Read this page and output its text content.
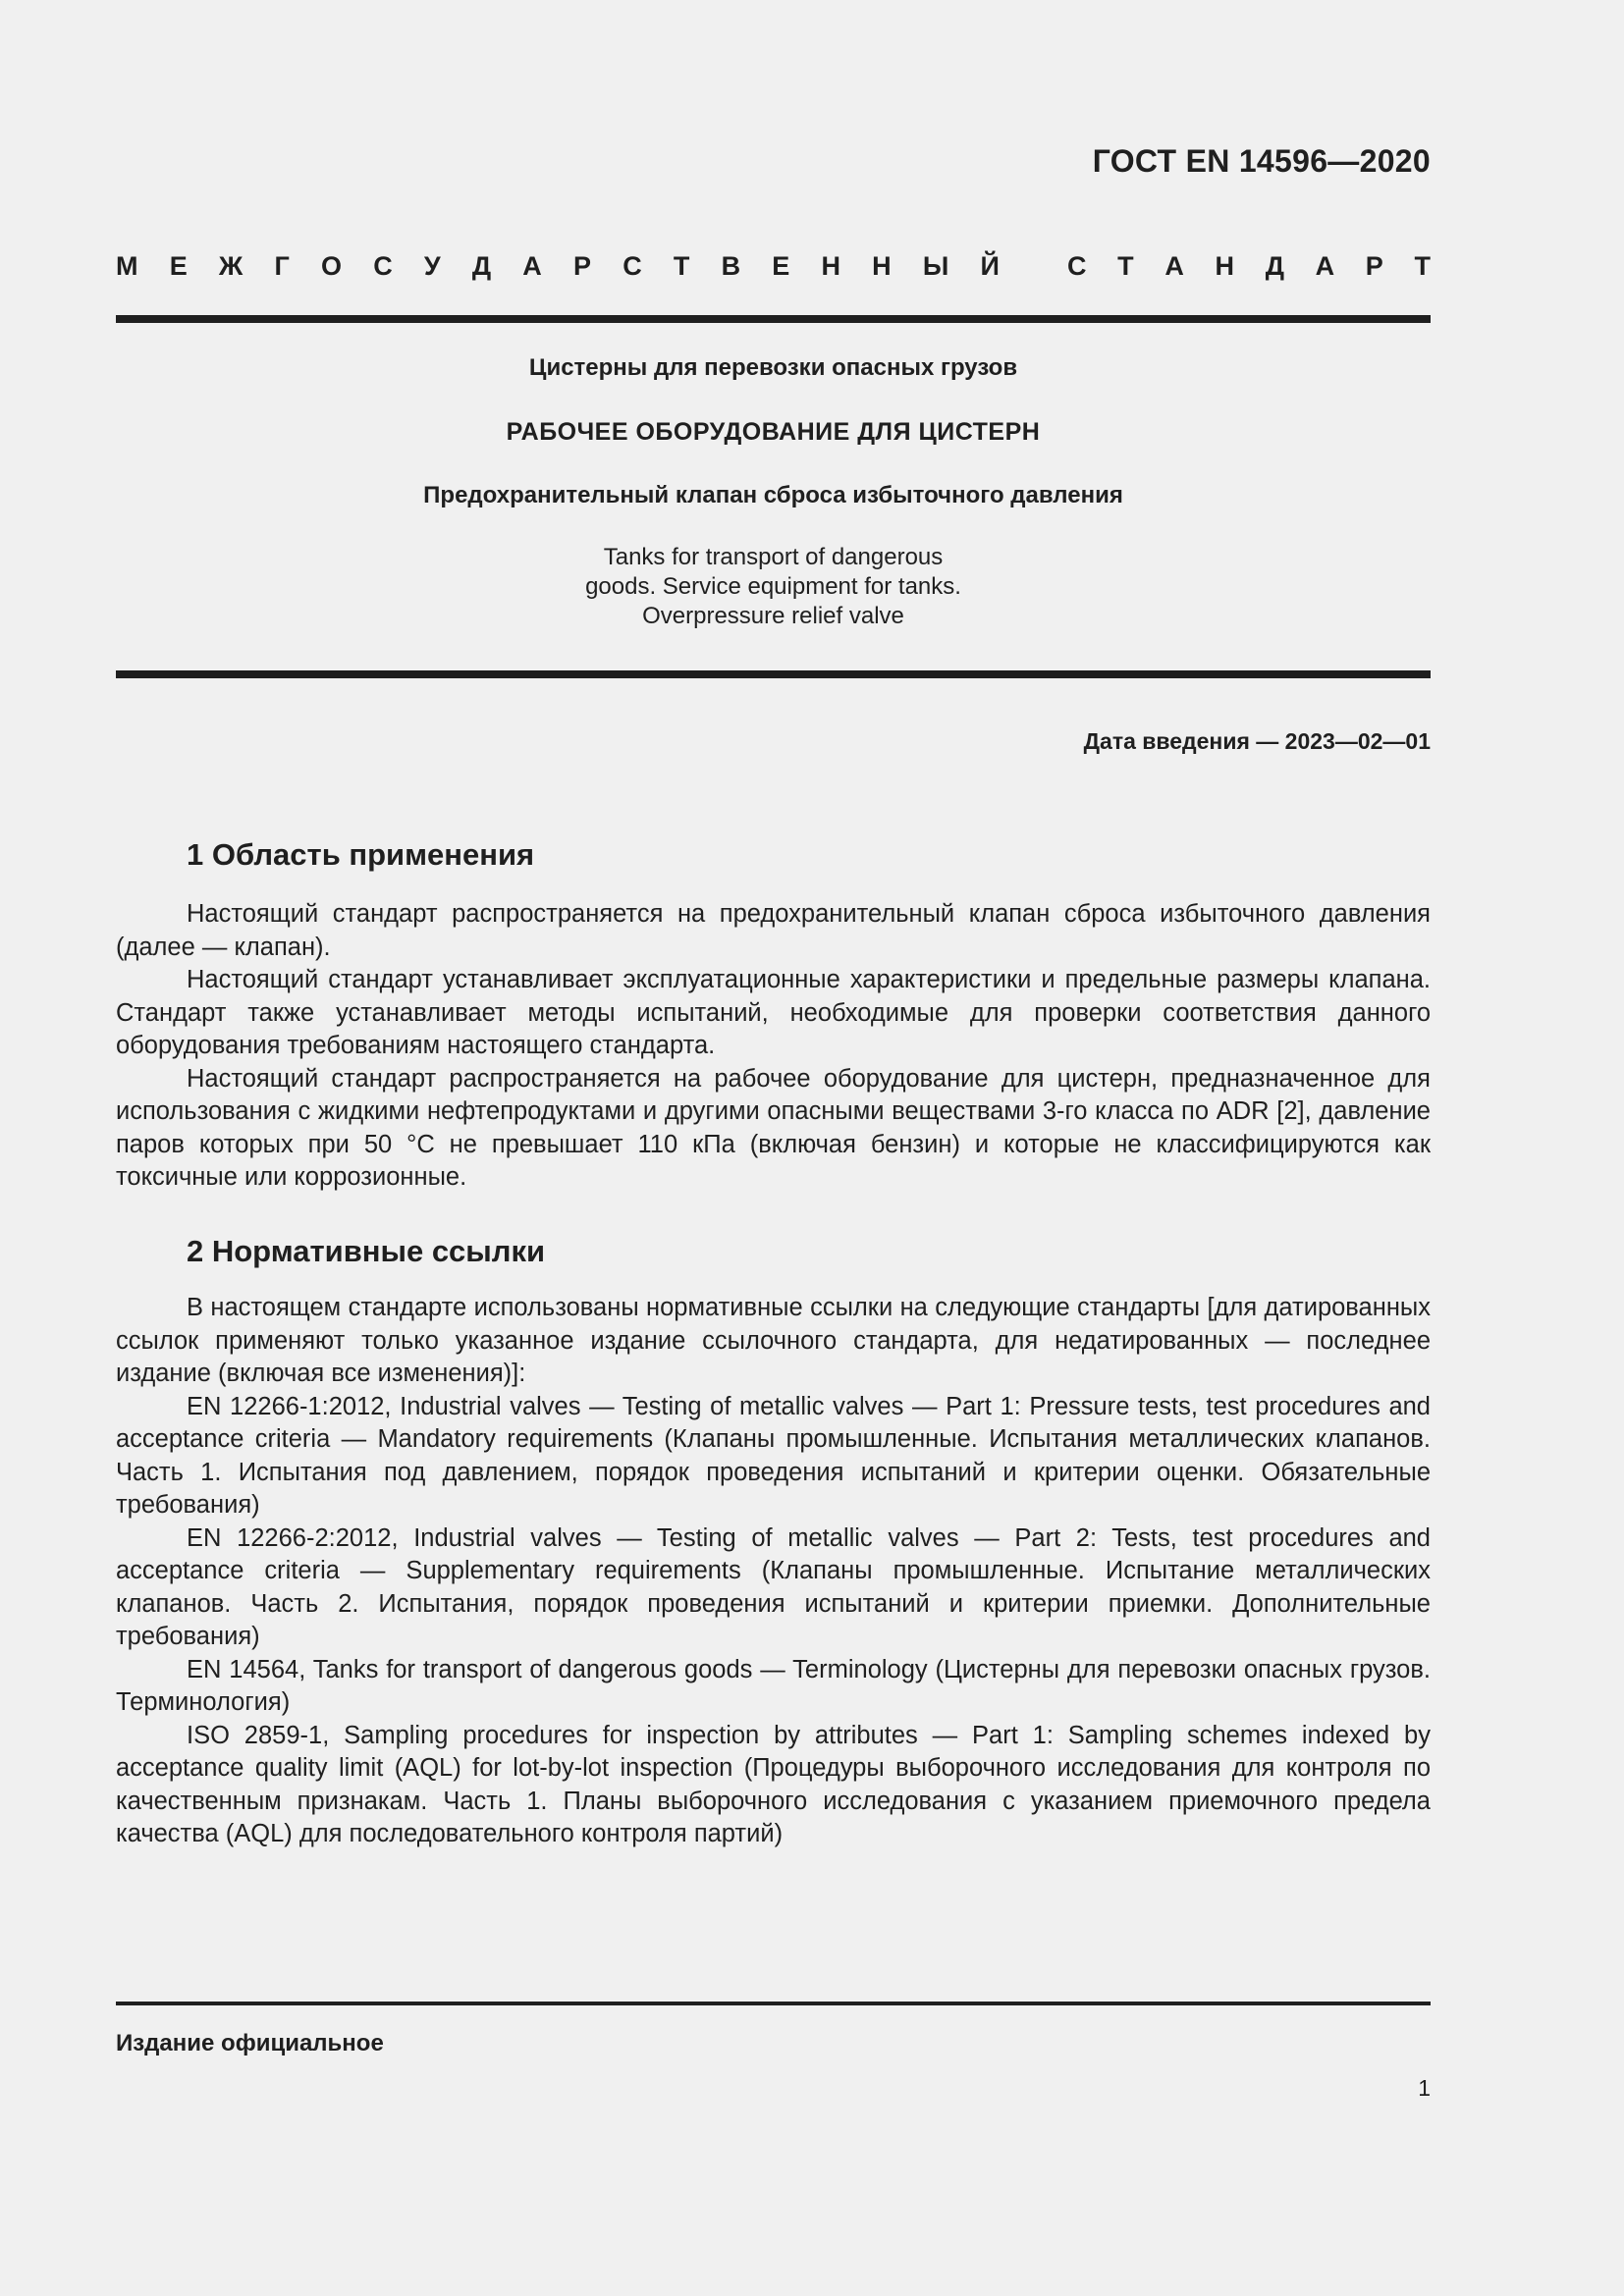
ГОСТ EN 14596—2020
М Е Ж Г О С У Д А Р С Т В Е Н Н Ы Й	С Т А Н Д А Р Т
Цистерны для перевозки опасных грузов
РАБОЧЕЕ ОБОРУДОВАНИЕ ДЛЯ ЦИСТЕРН
Предохранительный клапан сброса избыточного давления
Tanks for transport of dangerous
goods. Service equipment for tanks.
Overpressure relief valve
Дата введения — 2023—02—01
1 Область применения

Настоящий стандарт распространяется на предохранительный клапан сброса избыточного давления (далее — клапан).

Настоящий стандарт устанавливает эксплуатационные характеристики и предельные размеры клапана. Стандарт также устанавливает методы испытаний, необходимые для проверки соответствия данного оборудования требованиям настоящего стандарта.

Настоящий стандарт распространяется на рабочее оборудование для цистерн, предназначенное для использования с жидкими нефтепродуктами и другими опасными веществами 3-го класса по ADR [2], давление паров которых при 50 °С не превышает 110 кПа (включая бензин) и которые не классифицируются как токсичные или коррозионные.

2 Нормативные ссылки

В настоящем стандарте использованы нормативные ссылки на следующие стандарты [для датированных ссылок применяют только указанное издание ссылочного стандарта, для недатированных — последнее издание (включая все изменения)]:

EN 12266-1:2012, Industrial valves — Testing of metallic valves — Part 1: Pressure tests, test procedures and acceptance criteria — Mandatory requirements (Клапаны промышленные. Испытания металлических клапанов. Часть 1. Испытания под давлением, порядок проведения испытаний и критерии оценки. Обязательные требования)

EN 12266-2:2012, Industrial valves — Testing of metallic valves — Part 2: Tests, test procedures and acceptance criteria — Supplementary requirements (Клапаны промышленные. Испытание металлических клапанов. Часть 2. Испытания, порядок проведения испытаний и критерии приемки. Дополнительные требования)

EN 14564, Tanks for transport of dangerous goods — Terminology (Цистерны для перевозки опасных грузов. Терминология)

ISO 2859-1, Sampling procedures for inspection by attributes — Part 1: Sampling schemes indexed by acceptance quality limit (AQL) for lot-by-lot inspection (Процедуры выборочного исследования для контроля по качественным признакам. Часть 1. Планы выборочного исследования с указанием приемочного предела качества (AQL) для последовательного контроля партий)

Издание официальное
1
